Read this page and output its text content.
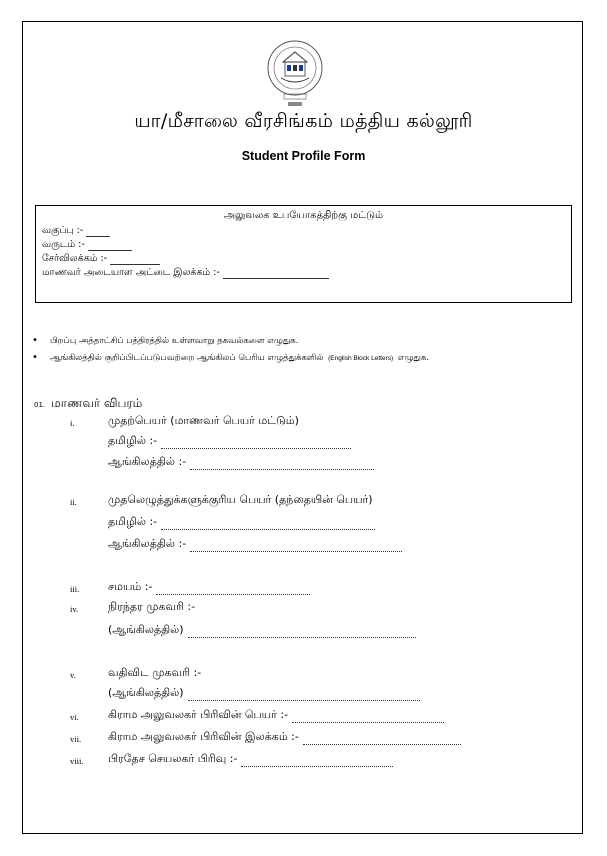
யா/மீசாலை வீரசிங்கம் மத்திய கல்லூரி
Student Profile Form
அலுவலக உபயோகத்திற்கு மட்டும்
வகுப்பு :-
வருடம் :-
சேர்விலக்கம் :-
மாணவர் அடையாள அட்டை இலக்கம் :-
• பிறப்பு அத்தாட்சிப் பத்திரத்தில் உள்ளவாறு தகவல்களை எழுதுக.
• ஆங்கிலத்தில் குறிப்பிடப்படுபவற்றை ஆங்கிலப் பெரிய எழுத்துக்களில் (English Block Letters) எழுதுக.
01. மாணவர் விபரம்
i.	முதற்பெயர் (மாணவர் பெயர் மட்டும்)
தமிழில் :-
ஆங்கிலத்தில் :-
ii.	முதலெழுத்துக்களுக்குரிய பெயர் (தந்தையின் பெயர்)
தமிழில் :-
ஆங்கிலத்தில் :-
iii.	சமயம் :-
iv.	நிரந்தர முகவரி :-
(ஆங்கிலத்தில்)
v.	வதிவிட முகவரி :-
(ஆங்கிலத்தில்)
vi.	கிராம அலுவலகர் பிரிவின் பெயர் :-
vii. கிராம அலுவலகர் பிரிவின் இலக்கம் :-
viii. பிரதேச செயலகர் பிரிவு :-
